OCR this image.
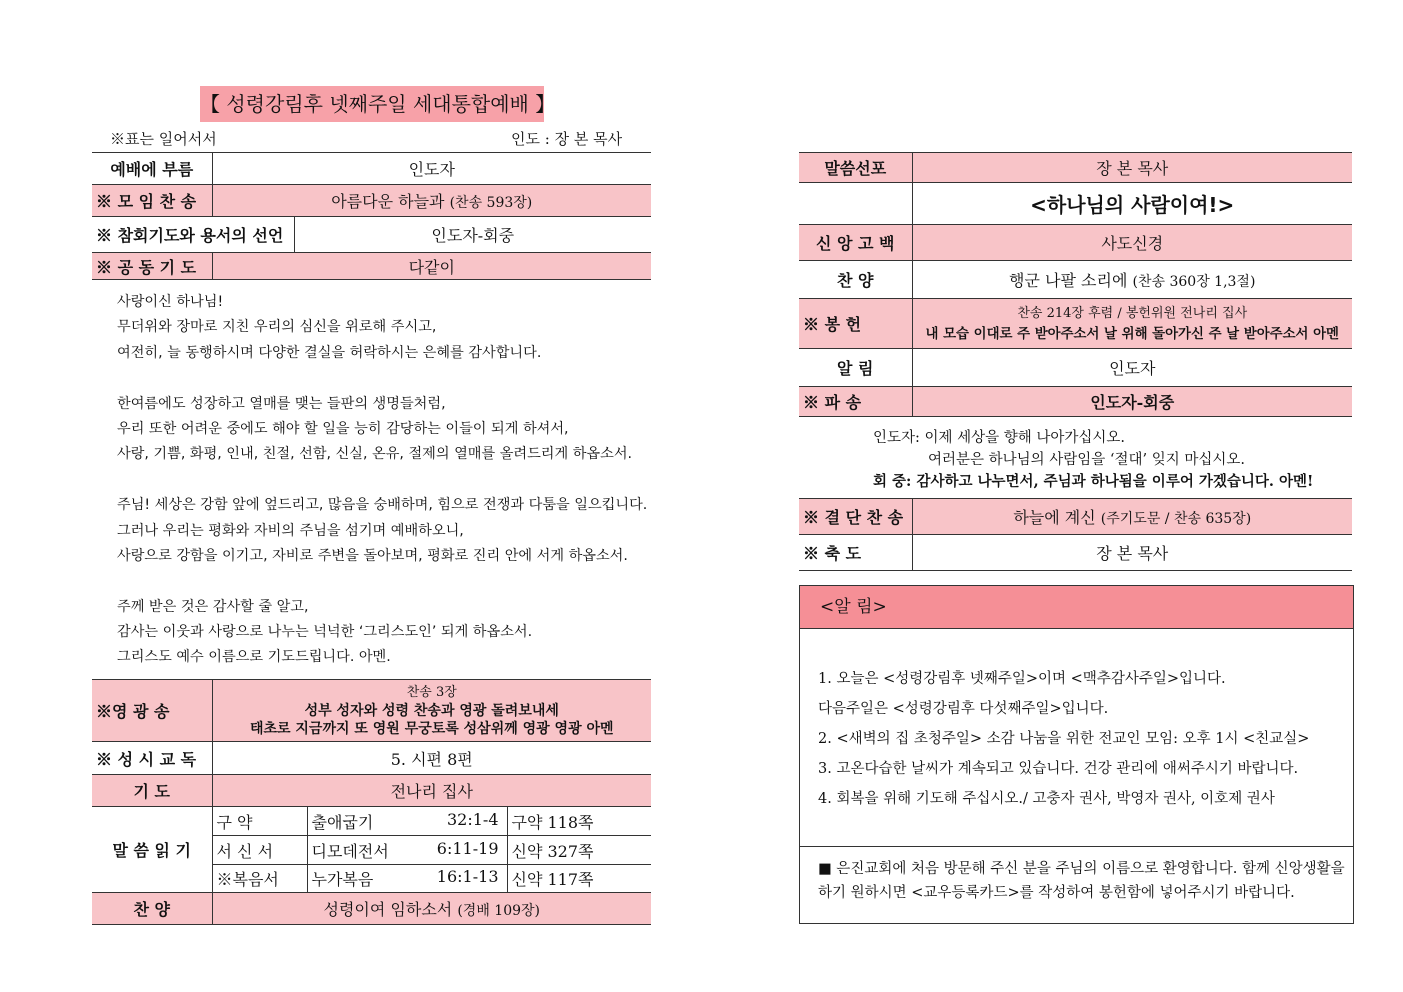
【 성령강림후 넷째주일 세대통합예배 】
※표는 일어서서	인도 : 장 본 목사
예배에 부름	인도자	
※ 모 임 찬 송	아름다운 하늘과 (찬송 593장)	
※ 참회기도와 용서의 선언		인도자-회중
※ 공 동 기 도	다같이	
사랑이신 하나님!
무더위와 장마로 지친 우리의 심신을 위로해 주시고,
여전히, 늘 동행하시며 다양한 결실을 허락하시는 은혜를 감사합니다.
한여름에도 성장하고 열매를 맺는 들판의 생명들처럼,
우리 또한 어려운 중에도 해야 할 일을 능히 감당하는 이들이 되게 하셔서,
사랑, 기쁨, 화평, 인내, 친절, 선함, 신실, 온유, 절제의 열매를 올려드리게 하옵소서.
주님! 세상은 강함 앞에 엎드리고, 많음을 숭배하며, 힘으로 전쟁과 다툼을 일으킵니다.
그러나 우리는 평화와 자비의 주님을 섬기며 예배하오니,
사랑으로 강함을 이기고, 자비로 주변을 돌아보며, 평화로 진리 안에 서게 하옵소서.
주께 받은 것은 감사할 줄 알고,
감사는 이웃과 사랑으로 나누는 넉넉한 ‘그리스도인’ 되게 하옵소서.
그리스도 예수 이름으로 기도드립니다. 아멘.
※영 광 송	찬송 3장
성부 성자와 성령 찬송과 영광 돌려보내세
태초로 지금까지 또 영원 무궁토록 성삼위께 영광 영광 아멘		

※ 성 시 교 독	5. 시편 8편		
기 도	전나리 집사		
말 씀 읽 기	구 약	출애굽기 32:1-4	구약 118쪽
	서 신 서	디모데전서 6:11-19	신약 327쪽
	※복음서	누가복음 16:1-13	신약 117쪽
찬 양	성령이여 임하소서 (경배 109장)		
말씀선포	장 본 목사
	<하나님의 사람이여!>
신 앙 고 백	사도신경
찬 양	행군 나팔 소리에 (찬송 360장 1,3절)
※ 봉 헌	찬송 214장 후렴 / 봉헌위원 전나리 집사
내 모습 이대로 주 받아주소서 날 위해 돌아가신 주 날 받아주소서 아멘

알 림	인도자
※ 파 송	인도자-회중
인도자: 이제 세상을 향해 나아가십시오.
여러분은 하나님의 사람임을 ‘절대’ 잊지 마십시오.
회 중: 감사하고 나누면서, 주님과 하나됨을 이루어 가겠습니다. 아멘!
※ 결 단 찬 송	하늘에 계신 (주기도문 / 찬송 635장)
※ 축 도	장 본 목사
<알 림>
1. 오늘은 <성령강림후 넷째주일>이며 <맥추감사주일>입니다.
다음주일은 <성령강림후 다섯째주일>입니다.
2. <새벽의 집 초청주일> 소감 나눔을 위한 전교인 모임: 오후 1시 <친교실>
3. 고온다습한 날씨가 계속되고 있습니다. 건강 관리에 애써주시기 바랍니다.
4. 회복을 위해 기도해 주십시오./ 고충자 권사, 박영자 권사, 이호제 권사
■ 은진교회에 처음 방문해 주신 분을 주님의 이름으로 환영합니다. 함께 신앙생활을
하기 원하시면 <교우등록카드>를 작성하여 봉헌함에 넣어주시기 바랍니다.
